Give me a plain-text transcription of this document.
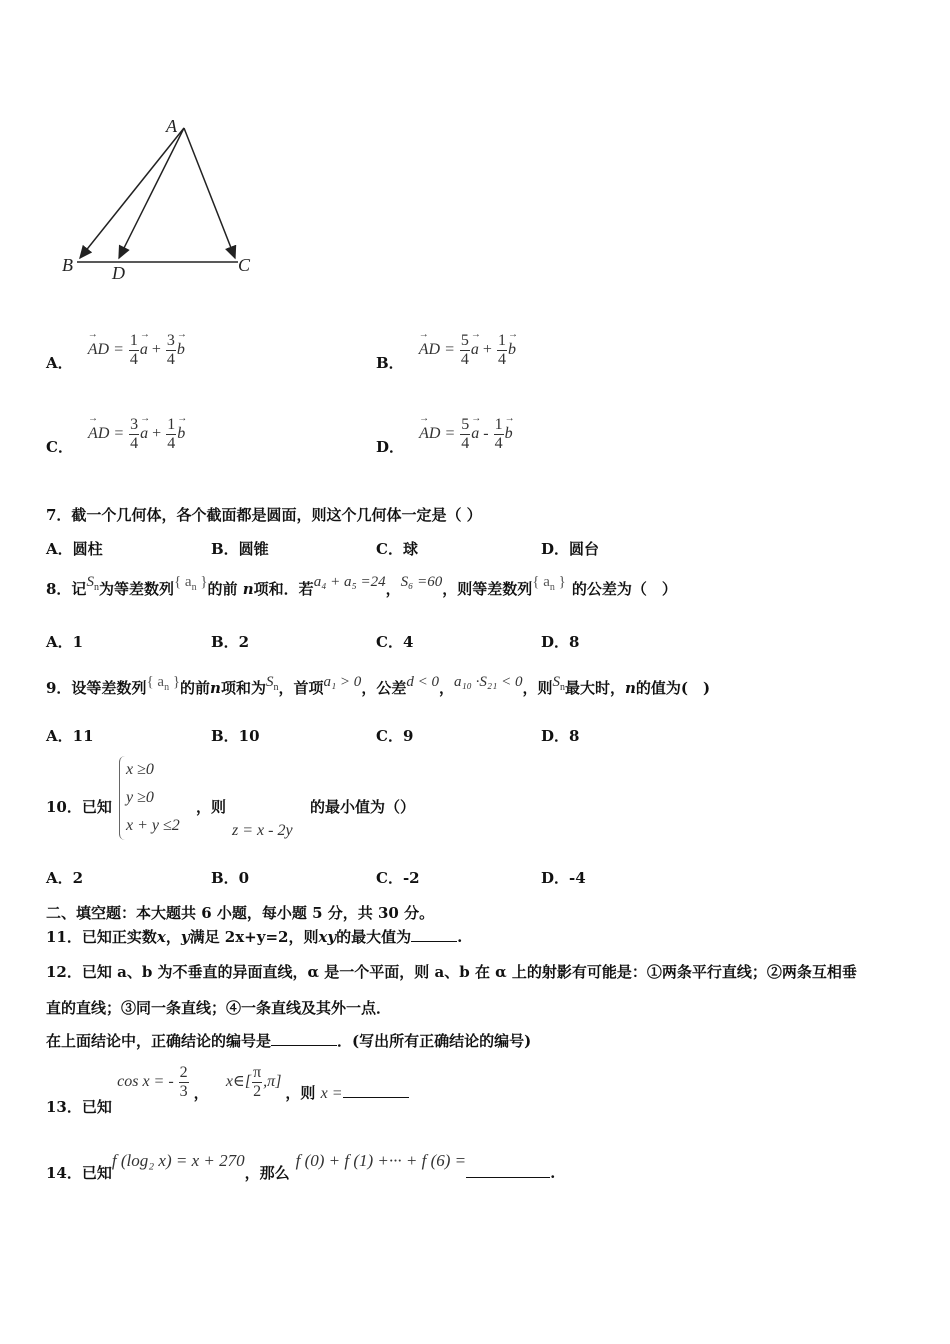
A
B D	C
A． → AD = $\frac{1}{4}$
→ $a + \frac{3}{4}$
→ b
B． → AD = $\frac{5}{4}$
→ $a + \frac{1}{4}$
→ b
C． → AD = $\frac{3}{4}$
→ $a + \frac{1}{4}$
→ b
D． → AD = $\frac{5}{4}$
→ a - $\frac{1}{4}$
→ b
7．截一个几何体，各个截面都是圆面，则这个几何体一定是（ ）
A．圆柱	B．圆锥	C．球	D．圆台
8．记$S_n$为等差数列{ $a_n$ }的前 n项和．若a₄ + a₅ =24，S₆ =60，则等差数列{ $a_n$ } 的公差为（　）
A．1	B．2	C．4	D．8
9．设等差数列{ $a_n$ }的前n项和为$S_n$，首项a₁ > 0，公差d < 0，a₁₀ ·S₂₁ < 0，则$S_n$最大时，n的值为(　)
A．11	B．10	C．9	D．8
10．已知
x ≥0
y ≥0
x + y ≤2
，则	的最小值为（）
z = x - 2y
A．2	B．0	C．-2	D．-4
二、填空题：本大题共 6 小题，每小题 5 分，共 30 分。
11．已知正实数x，y满足 2x+y=2，则xy的最大值为	.
12．已知 a、b 为不垂直的异面直线，α 是一个平面，则 a、b 在 α 上的射影有可能是：①两条平行直线；②两条互相垂
直的直线；③同一条直线；④一条直线及其外一点．
在上面结论中，正确结论的编号是	．(写出所有正确结论的编号)
13．已知 cos x = - $\frac{2}{3}$ ， x∈[ $\frac{\pi}{2} ,\pi$] ，则 x =
14．已知f (log₂ x) = x + 270，那么f (0) + f (1) +··· + f (6) =.
